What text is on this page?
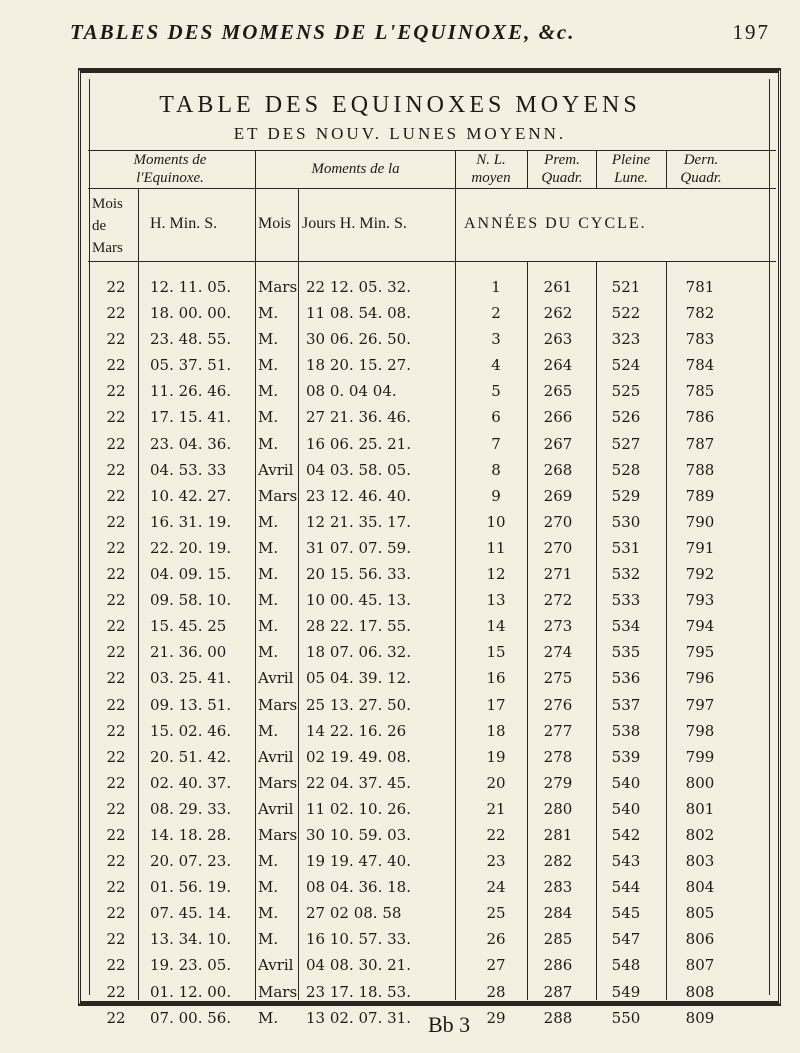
TABLES DES MOMENS DE L'EQUINOXE, &c.	197
TABLE DES EQUINOXES MOYENS
ET DES NOUV. LUNES MOYENN.
Moments de l'Equinoxe.
Moments de la
N. L. moyen
Prem. Quadr.
Pleine Lune.
Dern. Quadr.
Mois de Mars
H. Min. S.	Mois Jours H. Min. S.	ANNÉES DU CYCLE.
22	12. 11. 05. Mars 22 12. 05. 32.	1	261	521	781
22	18. 00. 00. M. 11 08. 54. 08.	2	262	522	782
22	23. 48. 55. M. 30 06. 26. 50.	3	263	323	783
22	05. 37. 51. M. 18 20. 15. 27.	4	264	524	784
22	11. 26. 46. M. 08 0. 04 04.	5	265	525	785
22	17. 15. 41. M. 27 21. 36. 46.	6	266	526	786
22	23. 04. 36. M. 16 06. 25. 21.	7	267	527	787
22	04. 53. 33 Avril 04 03. 58. 05.	8	268	528	788
22	10. 42. 27. Mars 23 12. 46. 40.	9	269	529	789
22	16. 31. 19. M. 12 21. 35. 17.	10	270	530	790
22	22. 20. 19. M. 31 07. 07. 59.	11	270	531	791
22	04. 09. 15. M. 20 15. 56. 33.	12	271	532	792
22	09. 58. 10. M. 10 00. 45. 13.	13	272	533	793
22	15. 45. 25 M. 28 22. 17. 55.	14	273	534	794
22	21. 36. 00 M. 18 07. 06. 32.	15	274	535	795
22	03. 25. 41. Avril 05 04. 39. 12.	16	275	536	796
22	09. 13. 51. Mars 25 13. 27. 50.	17	276	537	797
22	15. 02. 46. M. 14 22. 16. 26	18	277	538	798
22	20. 51. 42. Avril 02 19. 49. 08.	19	278	539	799
22	02. 40. 37. Mars 22 04. 37. 45.	20	279	540	800
22	08. 29. 33. Avril 11 02. 10. 26.	21	280	540	801
22	14. 18. 28. Mars 30 10. 59. 03.	22	281	542	802
22	20. 07. 23. M. 19 19. 47. 40.	23	282	543	803
22	01. 56. 19. M. 08 04. 36. 18.	24	283	544	804
22	07. 45. 14. M. 27 02 08. 58	25	284	545	805
22	13. 34. 10. M. 16 10. 57. 33.	26	285	547	806
22	19. 23. 05. Avril 04 08. 30. 21.	27	286	548	807
22	01. 12. 00. Mars 23 17. 18. 53.	28	287	549	808
22	07. 00. 56. M. 13 02. 07. 31.	29	288	550	809
Bb 3
